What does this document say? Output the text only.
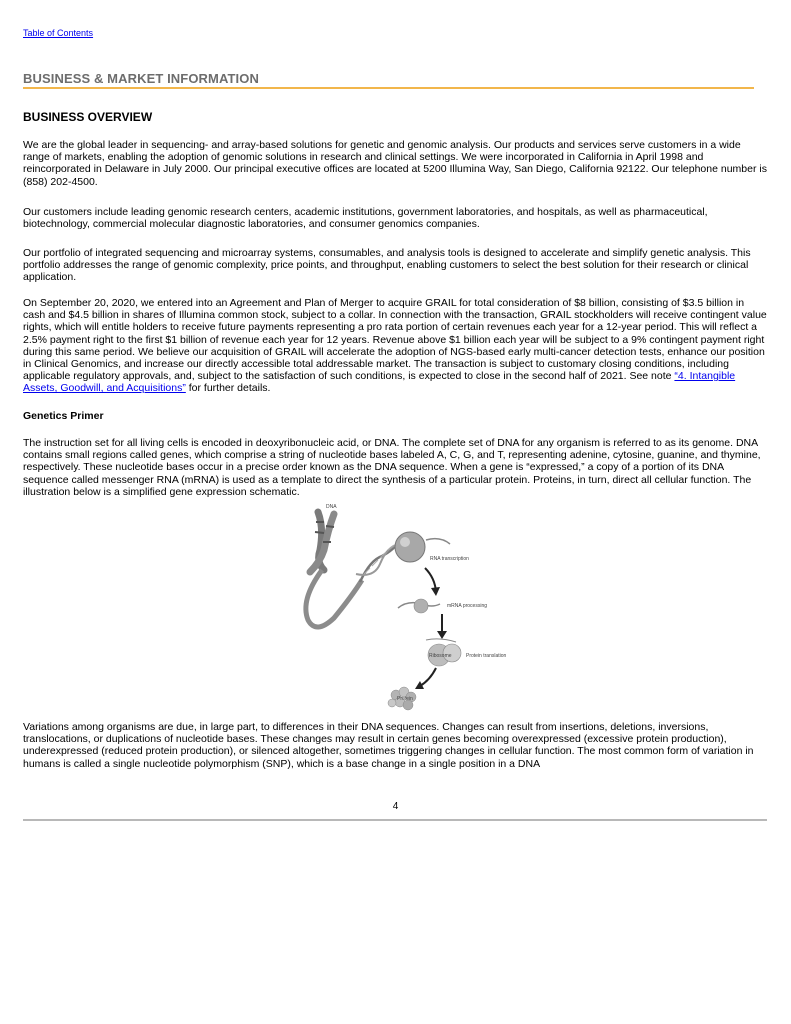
Table of Contents
BUSINESS & MARKET INFORMATION
BUSINESS OVERVIEW

We are the global leader in sequencing- and array-based solutions for genetic and genomic analysis. Our products and services serve customers in a wide range of markets, enabling the adoption of genomic solutions in research and clinical settings. We were incorporated in California in April 1998 and reincorporated in Delaware in July 2000. Our principal executive offices are located at 5200 Illumina Way, San Diego, California 92122. Our telephone number is (858) 202-4500.

Our customers include leading genomic research centers, academic institutions, government laboratories, and hospitals, as well as pharmaceutical, biotechnology, commercial molecular diagnostic laboratories, and consumer genomics companies.

Our portfolio of integrated sequencing and microarray systems, consumables, and analysis tools is designed to accelerate and simplify genetic analysis. This portfolio addresses the range of genomic complexity, price points, and throughput, enabling customers to select the best solution for their research or clinical application.

On September 20, 2020, we entered into an Agreement and Plan of Merger to acquire GRAIL for total consideration of $8 billion, consisting of $3.5 billion in cash and $4.5 billion in shares of Illumina common stock, subject to a collar. In connection with the transaction, GRAIL stockholders will receive contingent value rights, which will entitle holders to receive future payments representing a pro rata portion of certain revenues each year for a 12-year period. This will reflect a 2.5% payment right to the first $1 billion of revenue each year for 12 years. Revenue above $1 billion each year will be subject to a 9% contingent payment right during this same period. We believe our acquisition of GRAIL will accelerate the adoption of NGS-based early multi-cancer detection tests, enhance our position in Clinical Genomics, and increase our directly accessible total addressable market. The transaction is subject to customary closing conditions, including applicable regulatory approvals, and, subject to the satisfaction of such conditions, is expected to close in the second half of 2021. See note “4. Intangible Assets, Goodwill, and Acquisitions” for further details.

Genetics Primer

The instruction set for all living cells is encoded in deoxyribonucleic acid, or DNA. The complete set of DNA for any organism is referred to as its genome. DNA contains small regions called genes, which comprise a string of nucleotide bases labeled A, C, G, and T, representing adenine, cytosine, guanine, and thymine, respectively. These nucleotide bases occur in a precise order known as the DNA sequence. When a gene is “expressed,” a copy of a portion of its DNA sequence called messenger RNA (mRNA) is used as a template to direct the synthesis of a particular protein. Proteins, in turn, direct all cellular function. The illustration below is a simplified gene expression schematic.

DNA
RNA transcription
mRNA processing
Ribosome	Protein translation
Protein

Variations among organisms are due, in large part, to differences in their DNA sequences. Changes can result from insertions, deletions, inversions, translocations, or duplications of nucleotide bases. These changes may result in certain genes becoming overexpressed (excessive protein production), underexpressed (reduced protein production), or silenced altogether, sometimes triggering changes in cellular function. The most common form of variation in humans is called a single nucleotide polymorphism (SNP), which is a base change in a single position in a DNA

4
